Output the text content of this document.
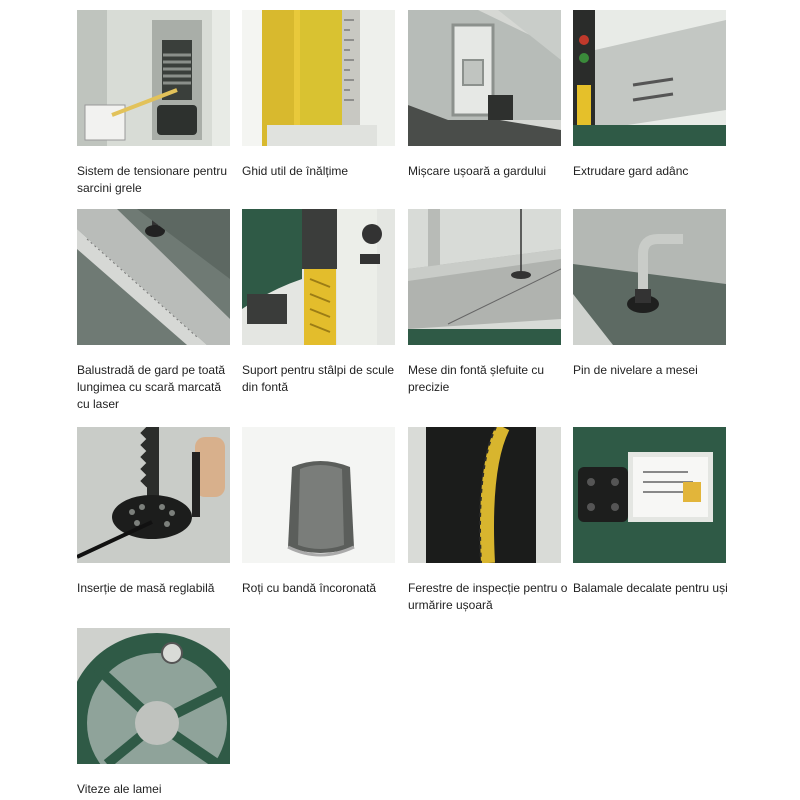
Sistem de tensionare pentru sarcini grele
Ghid util de înălțime	Mișcare ușoară a gardului	Extrudare gard adânc
Balustradă de gard pe toată lungimea cu scară marcată cu laser
Suport pentru stâlpi de scule din fontă
Mese din fontă șlefuite cu precizie
Pin de nivelare a mesei
Inserție de masă reglabilă	Roți cu bandă încoronată	Ferestre de inspecție pentru o urmărire ușoară
Balamale decalate pentru uși
Viteze ale lamei
